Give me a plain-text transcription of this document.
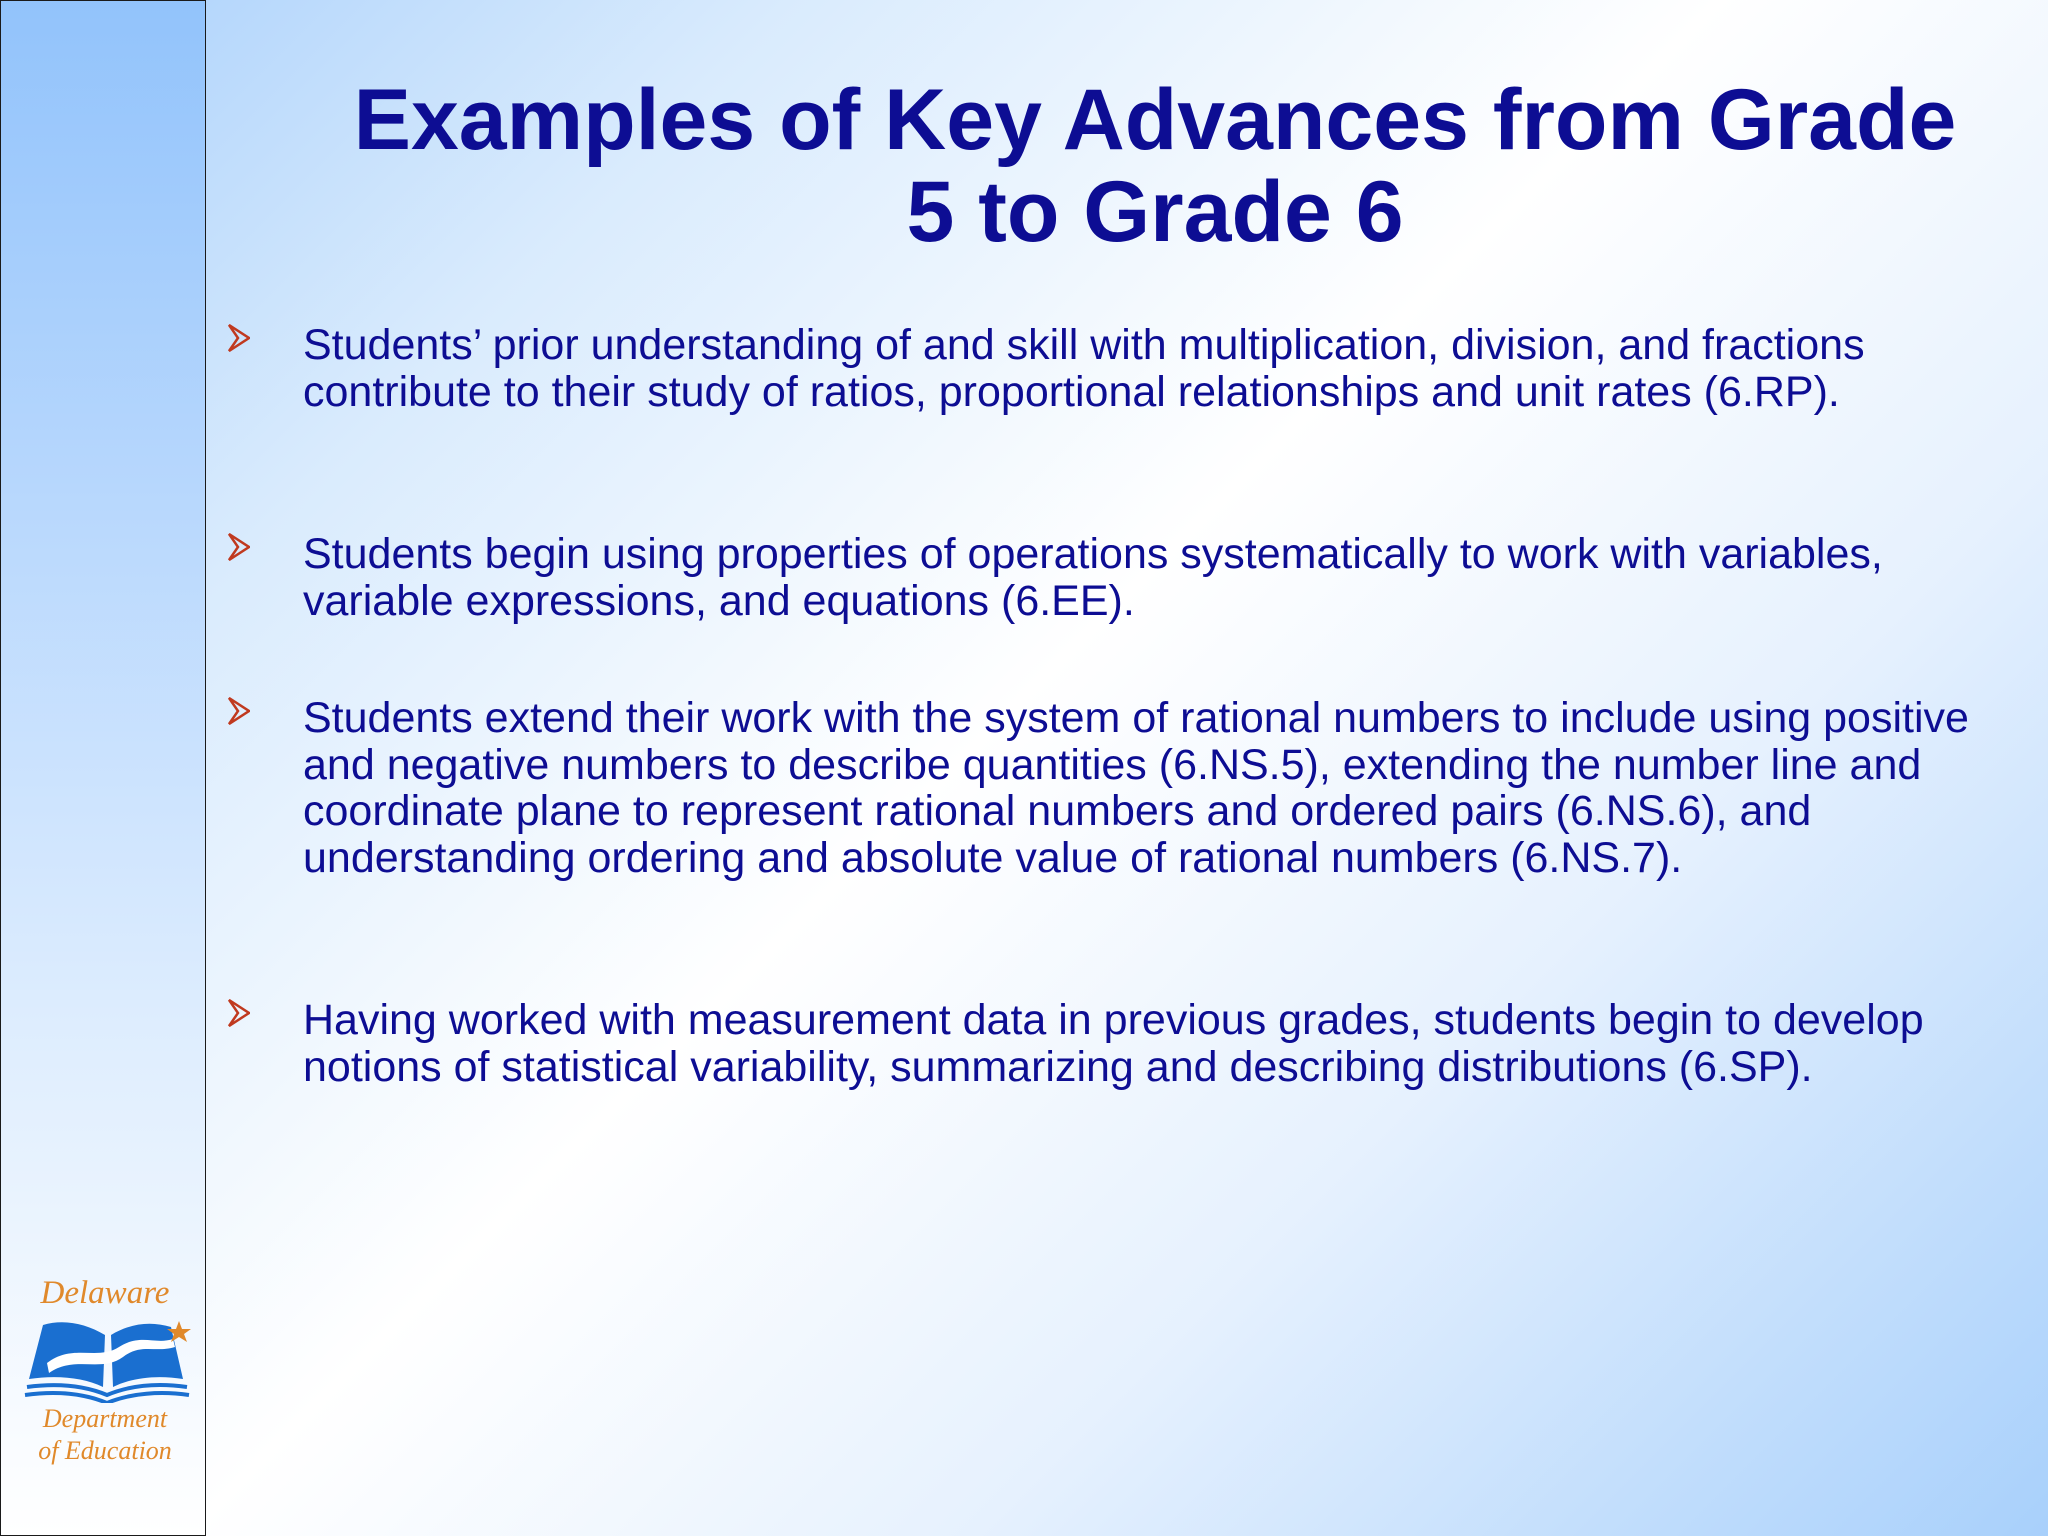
Delaware
Department
of Education
Examples of Key Advances from Grade
5 to Grade 6
Students’ prior understanding of and skill with multiplication, division, and fractions contribute to their study of ratios, proportional relationships and unit rates (6.RP).
Students begin using properties of operations systematically to work with variables, variable expressions, and equations (6.EE).
Students extend their work with the system of rational numbers to include using positive and negative numbers to describe quantities (6.NS.5), extending the number line and coordinate plane to represent rational numbers and ordered pairs (6.NS.6), and understanding ordering and absolute value of rational numbers (6.NS.7).
Having worked with measurement data in previous grades, students begin to develop notions of statistical variability, summarizing and describing distributions (6.SP).
